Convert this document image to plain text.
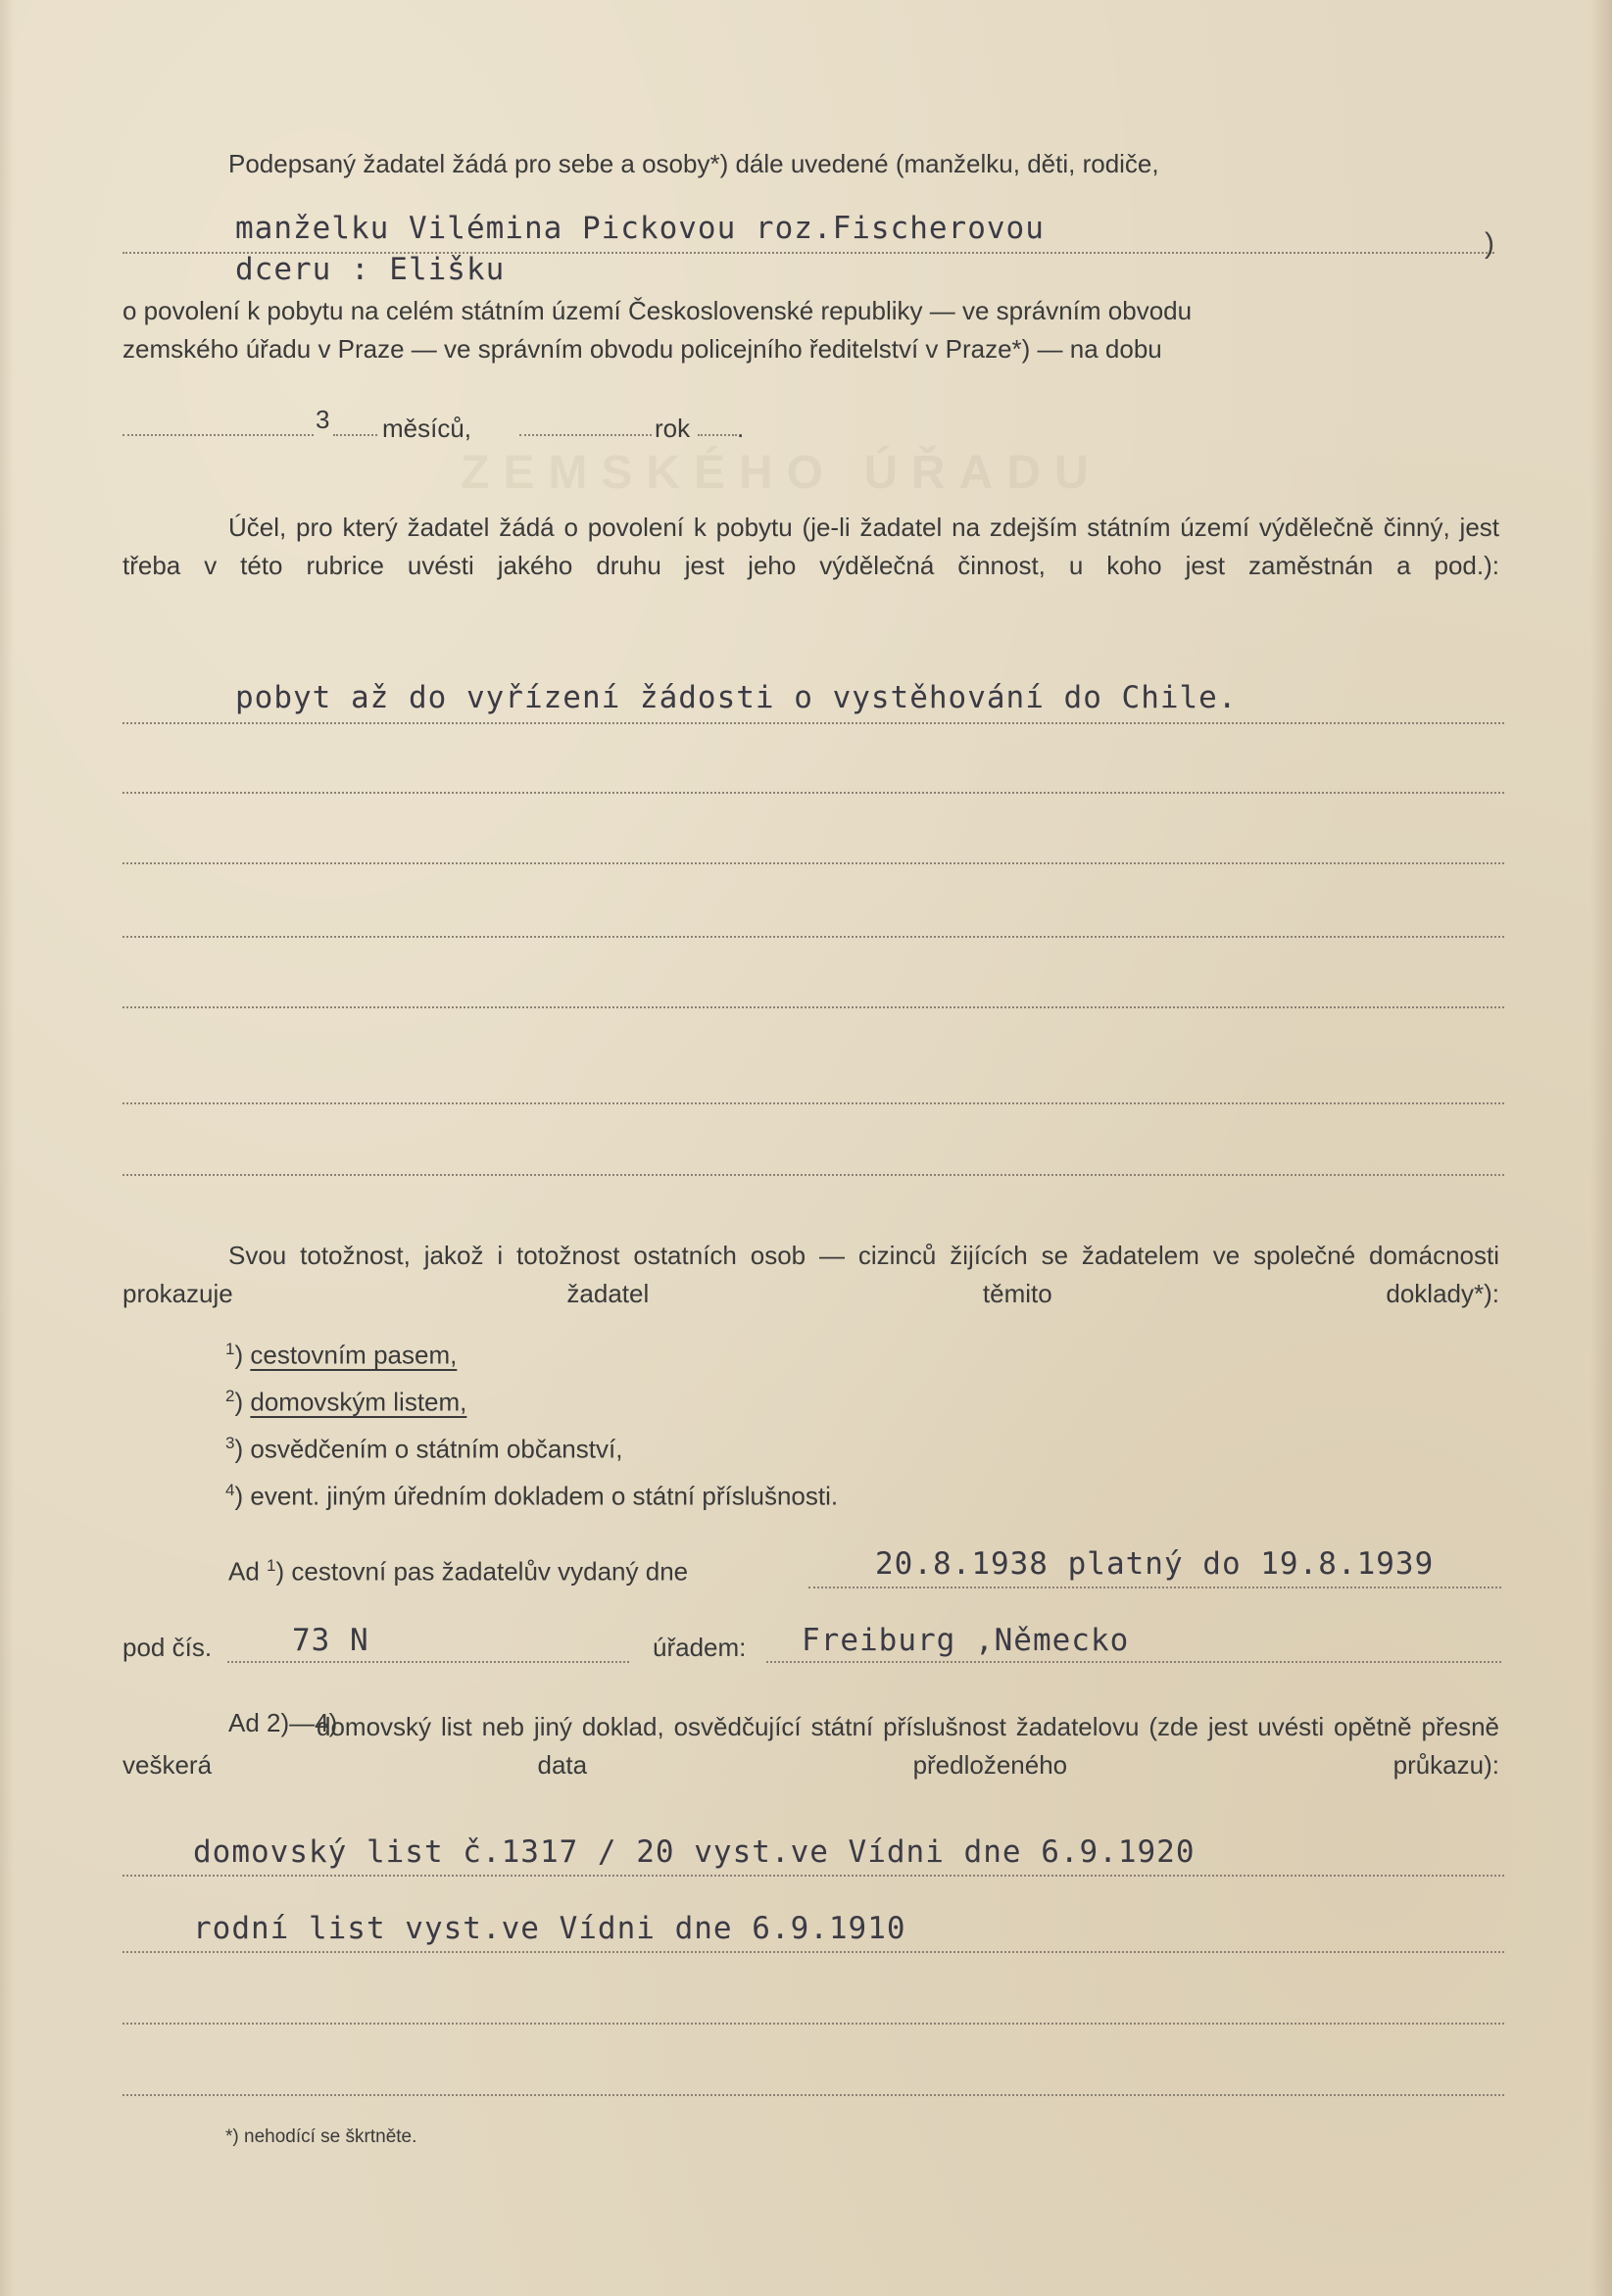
ZEMSKÉHO ÚŘADU
Podepsaný žadatel žádá pro sebe a osoby*) dále uvedené (manželku, děti, rodiče,
manželku Vilémina Pickovou roz.Fischerovou	)
dceru : Elišku
o povolení k pobytu na celém státním území Československé republiky — ve správním obvodu
zemského úřadu v Praze — ve správním obvodu policejního ředitelství v Praze*) — na dobu
3 měsíců,	rok .
Účel, pro který žadatel žádá o povolení k pobytu (je-li žadatel na zdejším státním území výdělečně činný, jest třeba v této rubrice uvésti jakého druhu jest jeho výdělečná činnost, u koho jest zaměstnán a pod.):
pobyt až do vyřízení žádosti o vystěhování do Chile.
Svou totožnost, jakož i totožnost ostatních osob — cizinců žijících se žadatelem ve společné domácnosti prokazuje žadatel těmito doklady*):
$^1$) cestovním pasem,
$^2$) domovským listem,
$^3$) osvědčením o státním občanství,
$^4$) event. jiným úředním dokladem o státní příslušnosti.
Ad $^1$) cestovní pas žadatelův vydaný dne	20.8.1938 platný do 19.8.1939
pod čís.	73 N	úřadem: Freiburg ,Německo
Ad 2)—4)
domovský list neb jiný doklad, osvědčující státní příslušnost žadatelovu (zde jest uvésti opětně přesně veškerá data předloženého průkazu):
domovský list č.1317 / 20 vyst.ve Vídni dne 6.9.1920
rodní list vyst.ve Vídni dne 6.9.1910
*) nehodící se škrtněte.
